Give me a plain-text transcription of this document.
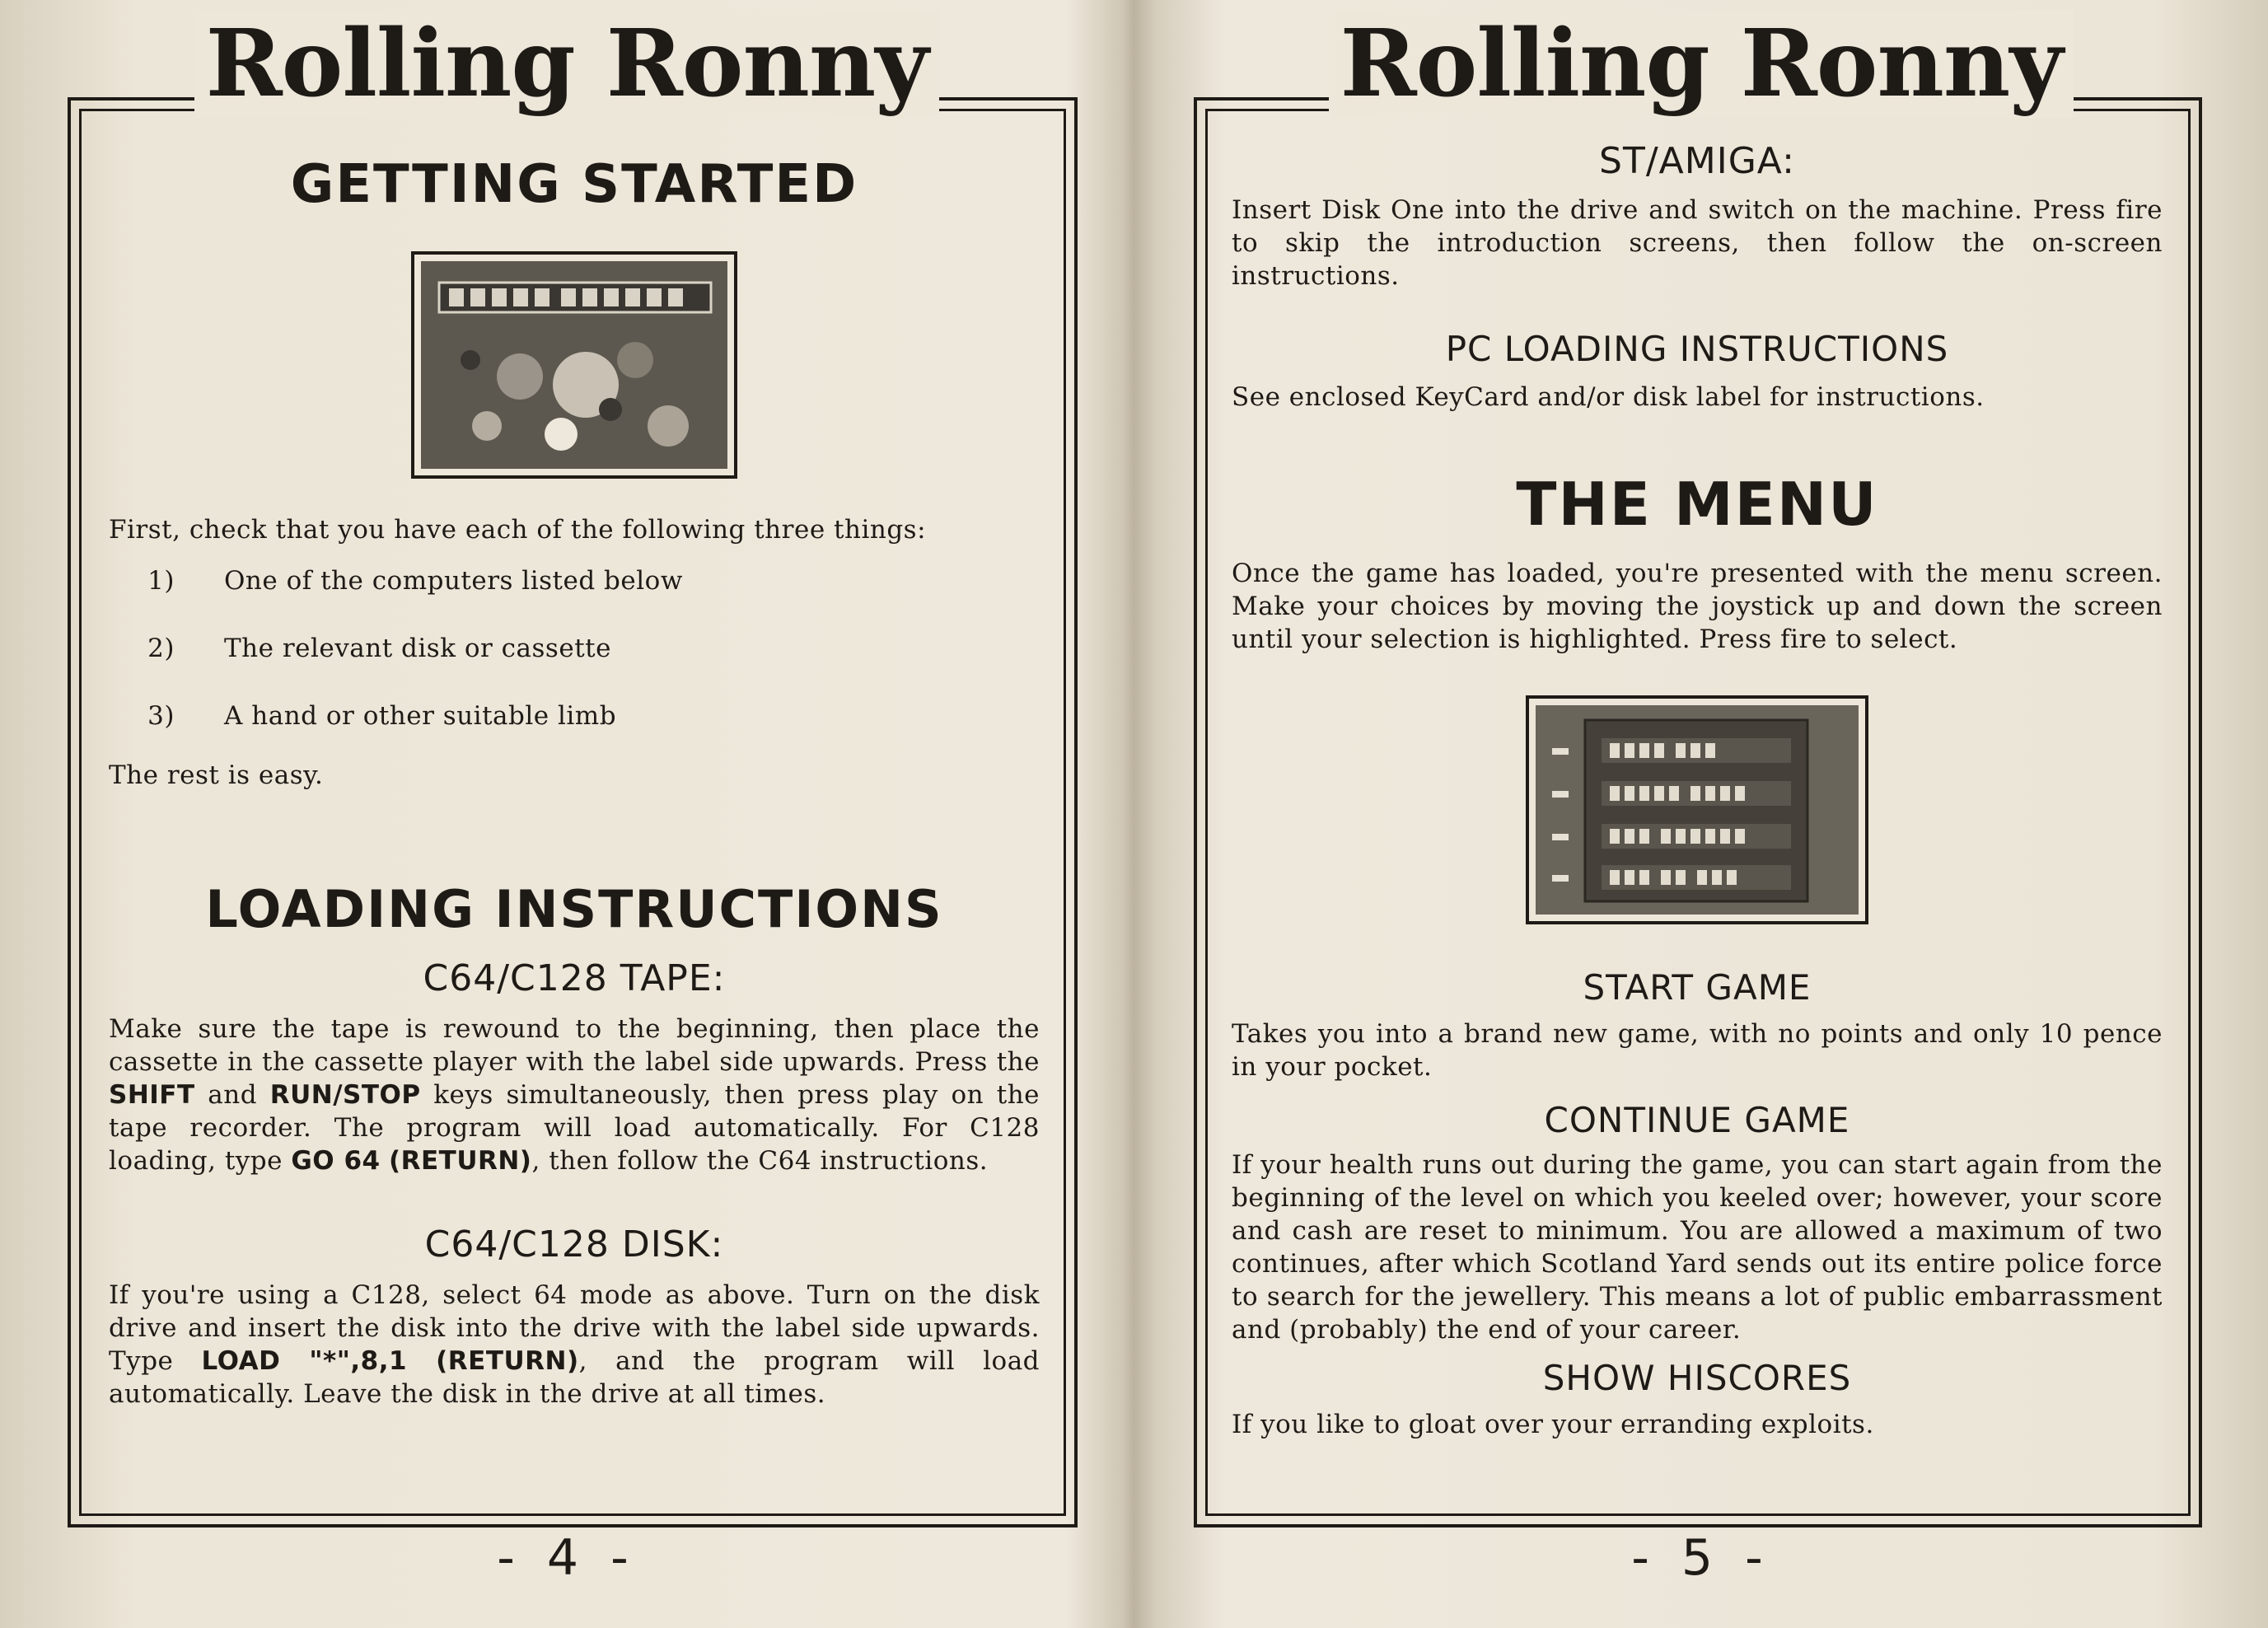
Rolling Ronny
GETTING STARTED

First, check that you have each of the following three things:

1)	One of the computers listed below
2)	The relevant disk or cassette
3)	A hand or other suitable limb

The rest is easy.

LOADING INSTRUCTIONS
C64/C128 TAPE:

Make sure the tape is rewound to the beginning, then place the cassette in the cassette player with the label side upwards. Press the SHIFT and RUN/STOP keys simultaneously, then press play on the tape recorder. The program will load automatically. For C128 loading, type GO 64 (RETURN), then follow the C64 instructions.

C64/C128 DISK:

If you're using a C128, select 64 mode as above. Turn on the disk drive and insert the disk into the drive with the label side upwards. Type LOAD "*",8,1 (RETURN), and the program will load automatically. Leave the disk in the drive at all times.

- 4 -
Rolling Ronny
ST/AMIGA:

Insert Disk One into the drive and switch on the machine. Press fire to skip the introduction screens, then follow the on-screen instructions.

PC LOADING INSTRUCTIONS

See enclosed KeyCard and/or disk label for instructions.

THE MENU

Once the game has loaded, you're presented with the menu screen. Make your choices by moving the joystick up and down the screen until your selection is highlighted. Press fire to select.

START GAME

Takes you into a brand new game, with no points and only 10 pence in your pocket.

CONTINUE GAME

If your health runs out during the game, you can start again from the beginning of the level on which you keeled over; however, your score and cash are reset to minimum. You are allowed a maximum of two continues, after which Scotland Yard sends out its entire police force to search for the jewellery. This means a lot of public embarrassment and (probably) the end of your career.

SHOW HISCORES

If you like to gloat over your erranding exploits.

- 5 -
